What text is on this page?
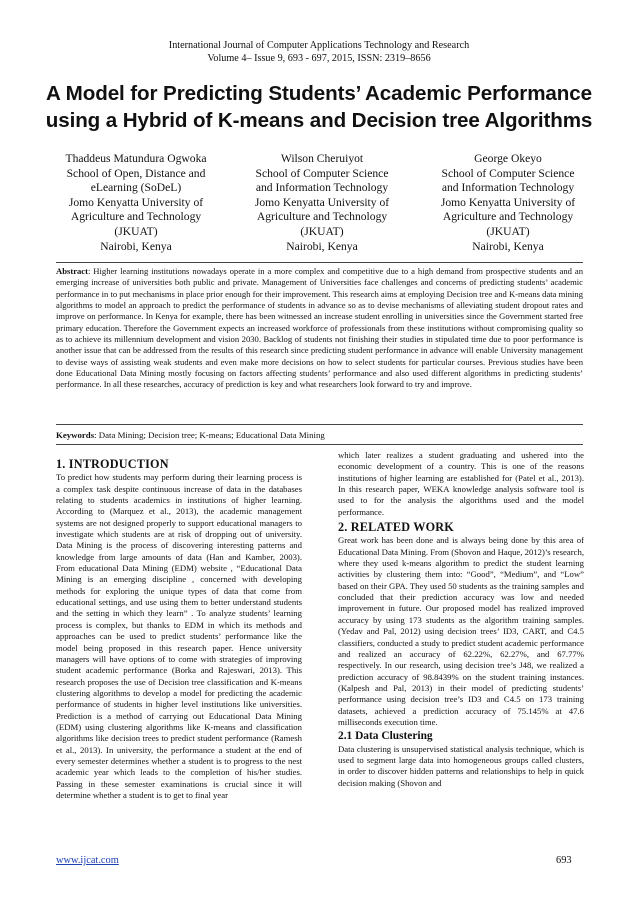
International Journal of Computer Applications Technology and Research
Volume 4– Issue 9, 693 - 697, 2015, ISSN: 2319–8656
A Model for Predicting Students’ Academic Performance
using a Hybrid of K-means and Decision tree Algorithms
Thaddeus Matundura Ogwoka
School of Open, Distance and
eLearning (SoDeL)
Jomo Kenyatta University of
Agriculture and Technology
(JKUAT)
Nairobi, Kenya
Wilson Cheruiyot
School of Computer Science
and Information Technology
Jomo Kenyatta University of
Agriculture and Technology
(JKUAT)
Nairobi, Kenya
George Okeyo
School of Computer Science
and Information Technology
Jomo Kenyatta University of
Agriculture and Technology
(JKUAT)
Nairobi, Kenya
Abstract: Higher learning institutions nowadays operate in a more complex and competitive due to a high demand from prospective students and an emerging increase of universities both public and private. Management of Universities face challenges and concerns of predicting students’ academic performance in to put mechanisms in place prior enough for their improvement. This research aims at employing Decision tree and K-means data mining algorithms to model an approach to predict the performance of students in advance so as to devise mechanisms of alleviating student dropout rates and improve on performance. In Kenya for example, there has been witnessed an increase student enrolling in universities since the Government started free primary education. Therefore the Government expects an increased workforce of professionals from these institutions without compromising quality so as to achieve its millennium development and vision 2030. Backlog of students not finishing their studies in stipulated time due to poor performance is another issue that can be addressed from the results of this research since predicting student performance in advance will enable University management to devise ways of assisting weak students and even make more decisions on how to select students for particular courses. Previous studies have been done Educational Data Mining mostly focusing on factors affecting students’ performance and also used different algorithms in predicting students’ performance. In all these researches, accuracy of prediction is key and what researchers look forward to try and improve.
Keywords: Data Mining; Decision tree; K-means; Educational Data Mining
1. INTRODUCTION

To predict how students may perform during their learning process is a complex task despite continuous increase of data in the databases relating to students academics in institutions of higher learning. According to (Marquez et al., 2013), the academic management systems are not designed properly to support educational managers to investigate which students are at risk of dropping out of university. Data Mining is the process of discovering interesting patterns and knowledge from large amounts of data (Han and Kamber, 2003). From educational Data Mining (EDM) website , “Educational Data Mining is an emerging discipline , concerned with developing methods for exploring the unique types of data that come from educational settings, and use using them to better understand students and the setting in which they learn” . To analyze students’ learning process is complex, but thanks to EDM in which its methods and approaches can be used to predict students’ performance like the model being proposed in this research paper. Hence university managers will have options of to come with strategies of improving student academic performance (Borka and Rajeswari, 2013). This research proposes the use of Decision tree classification and K-means clustering algorithms to develop a model for predicting the academic performance of students in higher level institutions like universities. Prediction is a method of carrying out Educational Data Mining (EDM) using clustering algorithms like K-means and classification algorithms like decision trees to predict student performance (Ramesh et al., 2013). In university, the performance a student at the end of every semester determines whether a student is to progress to the nest academic year which leads to the completion of his/her studies. Passing in these semester examinations is crucial since it will determine whether a student is to get to final year

which later realizes a student graduating and ushered into the economic development of a country. This is one of the reasons institutions of higher learning are established for (Patel et al., 2013). In this research paper, WEKA knowledge analysis software tool is used to for the analysis the algorithms used and the model performance.

2. RELATED WORK

Great work has been done and is always being done by this area of Educational Data Mining. From (Shovon and Haque, 2012)’s research, where they used k-means algorithm to predict the student learning activities by clustering them into: “Good”, “Medium”, and “Low” based on their GPA. They used 50 students as the training samples and concluded that their prediction accuracy was low and needed improvement in future. Our proposed model has realized improved accuracy by using 173 students as the algorithm training samples. (Yedav and Pal, 2012) using decision trees’ ID3, CART, and C4.5 classifiers, conducted a study to predict student academic performance and realized an accuracy of 62.22%, 62.27%, and 67.77% respectively. In our research, using decision tree’s J48, we realized a prediction accuracy of 98.8439% on the student training instances. (Kalpesh and Pal, 2013) in their model of predicting students’ performance using decision tree’s ID3 and C4.5 on 173 training datasets, achieved a prediction accuracy of 75.145% at 47.6 milliseconds execution time.

2.1 Data Clustering

Data clustering is unsupervised statistical analysis technique, which is used to segment large data into homogeneous groups called clusters, in order to discover hidden patterns and relationships to help in quick decision making (Shovon and

www.ijcat.com	693
